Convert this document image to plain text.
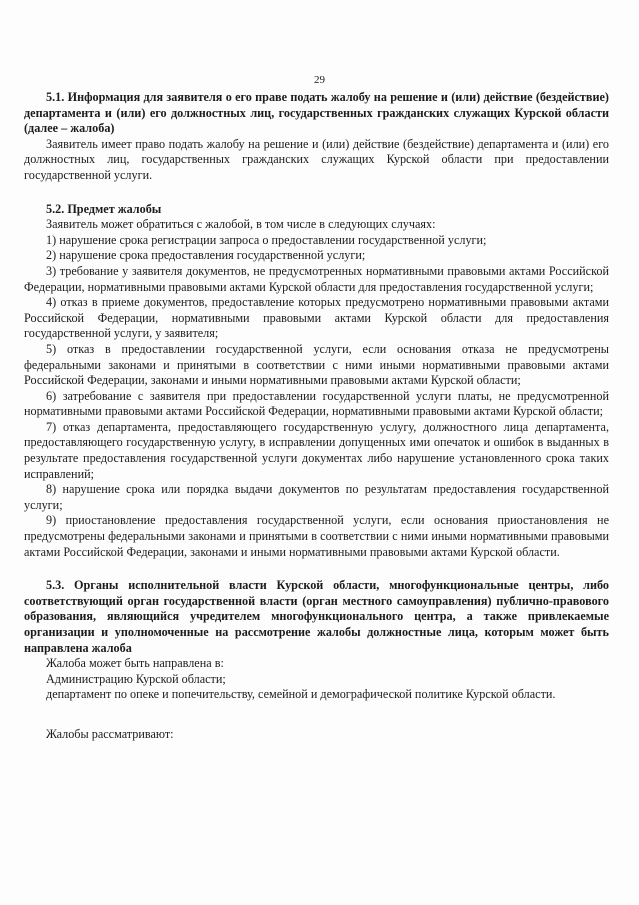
29

5.1. Информация для заявителя о его праве подать жалобу на решение и (или) действие (бездействие) департамента и (или) его должностных лиц, государственных гражданских служащих Курской области (далее – жалоба)

Заявитель имеет право подать жалобу на решение и (или) действие (бездействие) департамента и (или) его должностных лиц, государственных гражданских служащих Курской области при предоставлении государственной услуги.

5.2. Предмет жалобы

Заявитель может обратиться с жалобой, в том числе в следующих случаях:

1) нарушение срока регистрации запроса о предоставлении государственной услуги;

2) нарушение срока предоставления государственной услуги;

3) требование у заявителя документов, не предусмотренных нормативными правовыми актами Российской Федерации, нормативными правовыми актами Курской области для предоставления государственной услуги;

4) отказ в приеме документов, предоставление которых предусмотрено нормативными правовыми актами Российской Федерации, нормативными правовыми актами Курской области для предоставления государственной услуги, у заявителя;

5) отказ в предоставлении государственной услуги, если основания отказа не предусмотрены федеральными законами и принятыми в соответствии с ними иными нормативными правовыми актами Российской Федерации, законами и иными нормативными правовыми актами Курской области;

6) затребование с заявителя при предоставлении государственной услуги платы, не предусмотренной нормативными правовыми актами Российской Федерации, нормативными правовыми актами Курской области;

7) отказ департамента, предоставляющего государственную услугу, должностного лица департамента, предоставляющего государственную услугу, в исправлении допущенных ими опечаток и ошибок в выданных в результате предоставления государственной услуги документах либо нарушение установленного срока таких исправлений;

8) нарушение срока или порядка выдачи документов по результатам предоставления государственной услуги;

9) приостановление предоставления государственной услуги, если основания приостановления не предусмотрены федеральными законами и принятыми в соответствии с ними иными нормативными правовыми актами Российской Федерации, законами и иными нормативными правовыми актами Курской области.

5.3. Органы исполнительной власти Курской области, многофункциональные центры, либо соответствующий орган государственной власти (орган местного самоуправления) публично-правового образования, являющийся учредителем многофункционального центра, а также привлекаемые организации и уполномоченные на рассмотрение жалобы должностные лица, которым может быть направлена жалоба

Жалоба может быть направлена в:

Администрацию Курской области;

департамент по опеке и попечительству, семейной и демографической политике Курской области.

Жалобы рассматривают:
